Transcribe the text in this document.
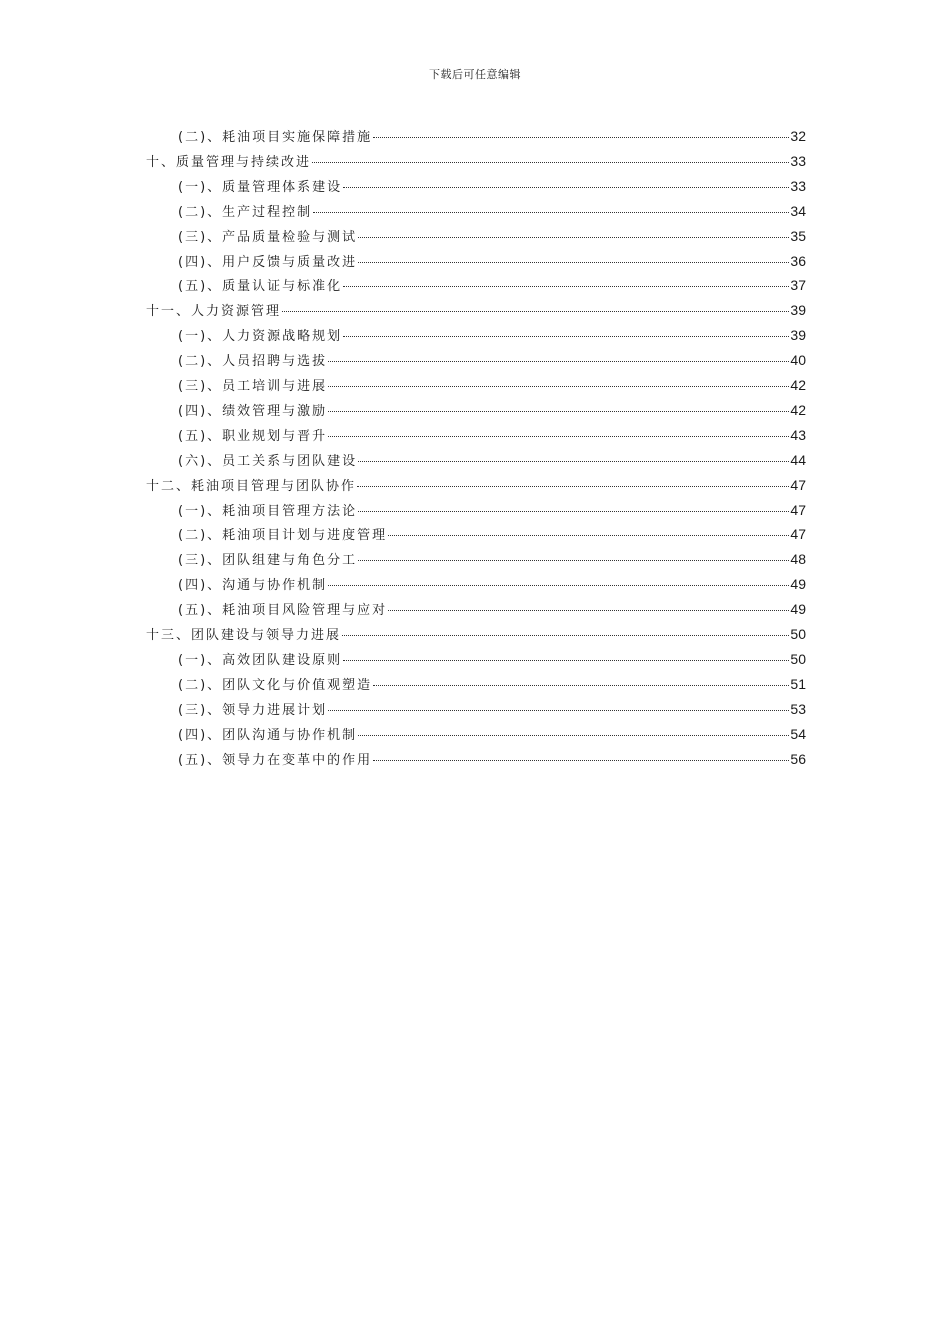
下载后可任意编辑
(二)、耗油项目实施保障措施	32
十、质量管理与持续改进	33
(一)、质量管理体系建设	33
(二)、生产过程控制	34
(三)、产品质量检验与测试	35
(四)、用户反馈与质量改进	36
(五)、质量认证与标准化	37
十一、人力资源管理	39
(一)、人力资源战略规划	39
(二)、人员招聘与选拔	40
(三)、员工培训与进展	42
(四)、绩效管理与激励	42
(五)、职业规划与晋升	43
(六)、员工关系与团队建设	44
十二、耗油项目管理与团队协作	47
(一)、耗油项目管理方法论	47
(二)、耗油项目计划与进度管理	47
(三)、团队组建与角色分工	48
(四)、沟通与协作机制	49
(五)、耗油项目风险管理与应对	49
十三、团队建设与领导力进展	50
(一)、高效团队建设原则	50
(二)、团队文化与价值观塑造	51
(三)、领导力进展计划	53
(四)、团队沟通与协作机制	54
(五)、领导力在变革中的作用	56
